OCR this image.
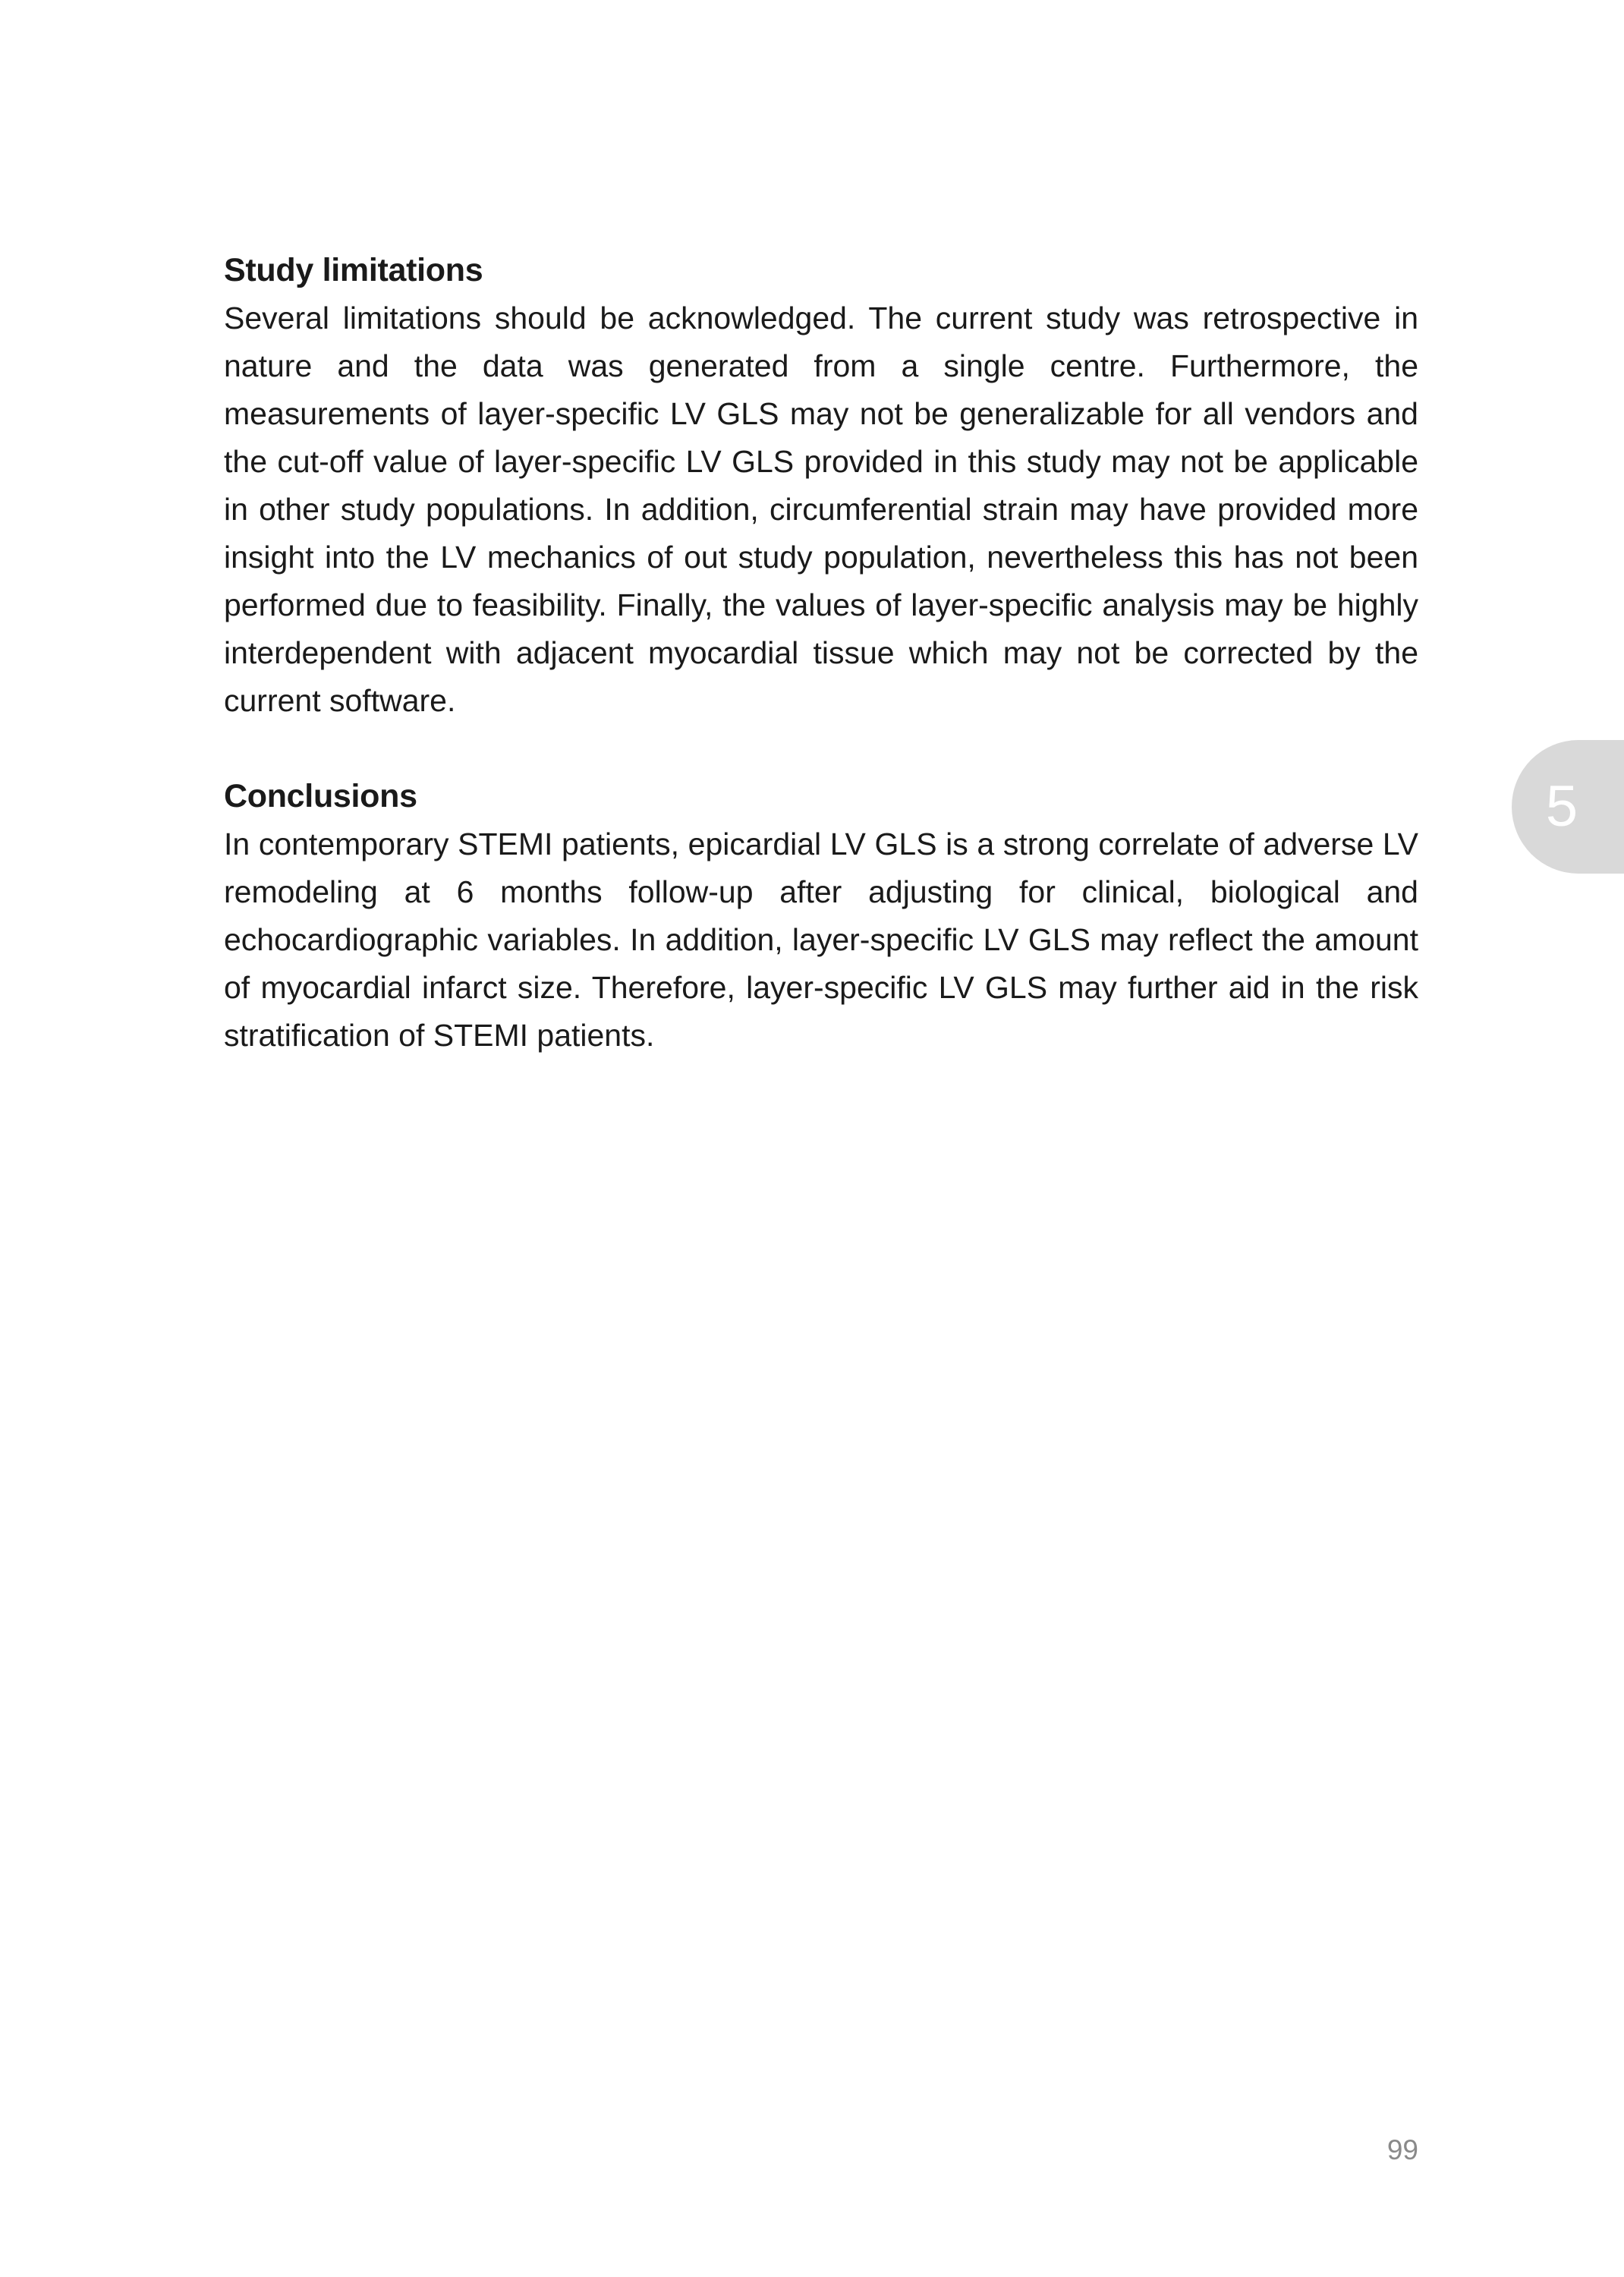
Study limitations

Several limitations should be acknowledged. The current study was retrospective in nature and the data was generated from a single centre. Furthermore, the measurements of layer-specific LV GLS may not be generalizable for all vendors and the cut-off value of layer-specific LV GLS provided in this study may not be applicable in other study populations. In addition, circumferential strain may have provided more insight into the LV mechanics of out study population, nevertheless this has not been performed due to feasibility. Finally, the values of layer-specific analysis may be highly interdependent with adjacent myocardial tissue which may not be corrected by the current software.

Conclusions

In contemporary STEMI patients, epicardial LV GLS is a strong correlate of adverse LV remodeling at 6 months follow-up after adjusting for clinical, biological and echocardiographic variables. In addition, layer-specific LV GLS may reflect the amount of myocardial infarct size. Therefore, layer-specific LV GLS may further aid in the risk stratification of STEMI patients.

5
99
